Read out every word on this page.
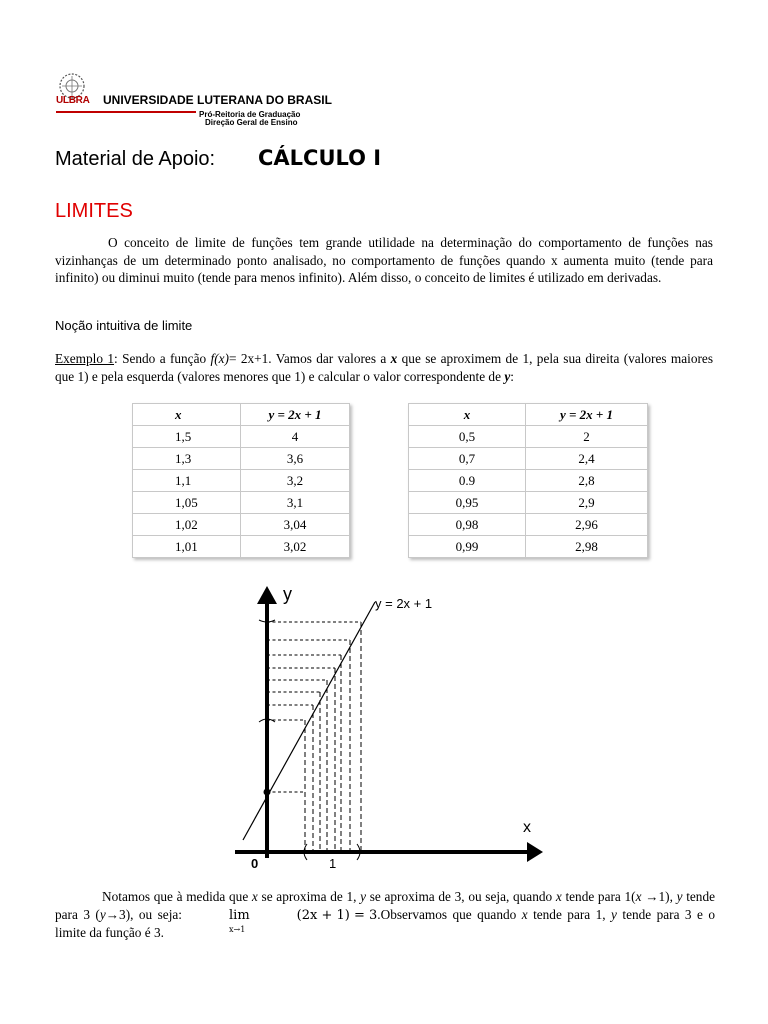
ULBRA UNIVERSIDADE LUTERANA DO BRASIL
Pró-Reitoria de Graduação
Direção Geral de Ensino
Material de Apoio: CÁLCULO I
LIMITES
O conceito de limite de funções tem grande utilidade na determinação do comportamento de funções nas vizinhanças de um determinado ponto analisado, no comportamento de funções quando x aumenta muito (tende para infinito) ou diminui muito (tende para menos infinito). Além disso, o conceito de limites é utilizado em derivadas.
Noção intuitiva de limite
Exemplo 1: Sendo a função f(x)= 2x+1. Vamos dar valores a x que se aproximem de 1, pela sua direita (valores maiores que 1) e pela esquerda (valores menores que 1) e calcular o valor correspondente de y:
x	y = 2x + 1
1,5	4
1,3	3,6
1,1	3,2
1,05	3,1
1,02	3,04
1,01	3,02
x	y = 2x + 1
0,5	2
0,7	2,4
0.9	2,8
0,95	2,9
0,98	2,96
0,99	2,98
y
x
0	1
y = 2x + 1
Notamos que à medida que x se aproxima de 1, y se aproxima de 3, ou seja, quando x tende para 1(x →1), y tende para 3 (y→3), ou seja:	lim
x→1
(2x + 1) = 3.Observamos que quando x tende para 1, y tende para 3 e o limite da função é 3.
